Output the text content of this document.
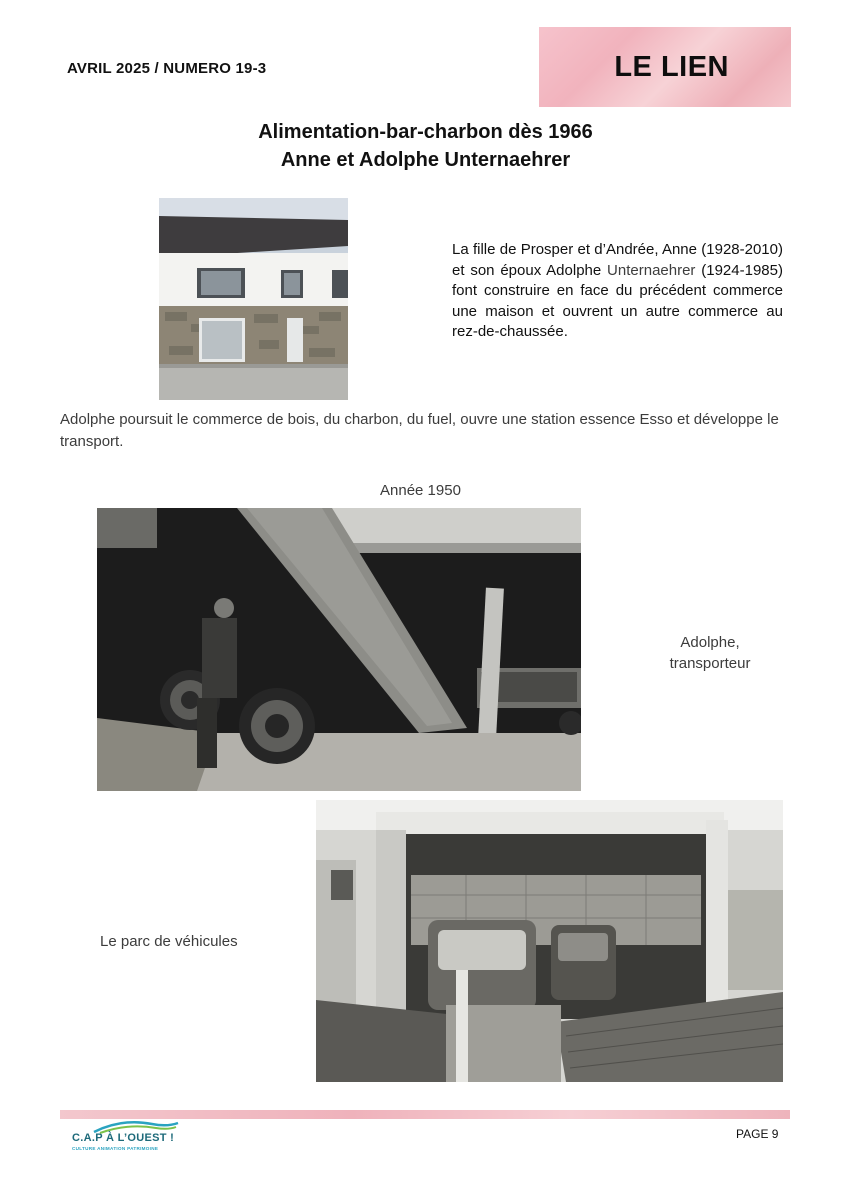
AVRIL 2025 / NUMERO 19-3	LE LIEN
Alimentation-bar-charbon dès 1966
Anne et Adolphe Unternaehrer
La fille de Prosper et d’Andrée, Anne (1928-2010) et son époux Adolphe Unternaehrer (1924-1985) font construire en face du précédent commerce une maison et ouvrent un autre commerce au rez-de-chaussée.
Adolphe poursuit le commerce de bois, du charbon, du fuel, ouvre une station essence Esso et développe le transport.
Année 1950
Adolphe,
transporteur
Le parc de véhicules
C.A.P À L’OUEST !
CULTURE ANIMATION PATRIMOINE
PAGE 9
